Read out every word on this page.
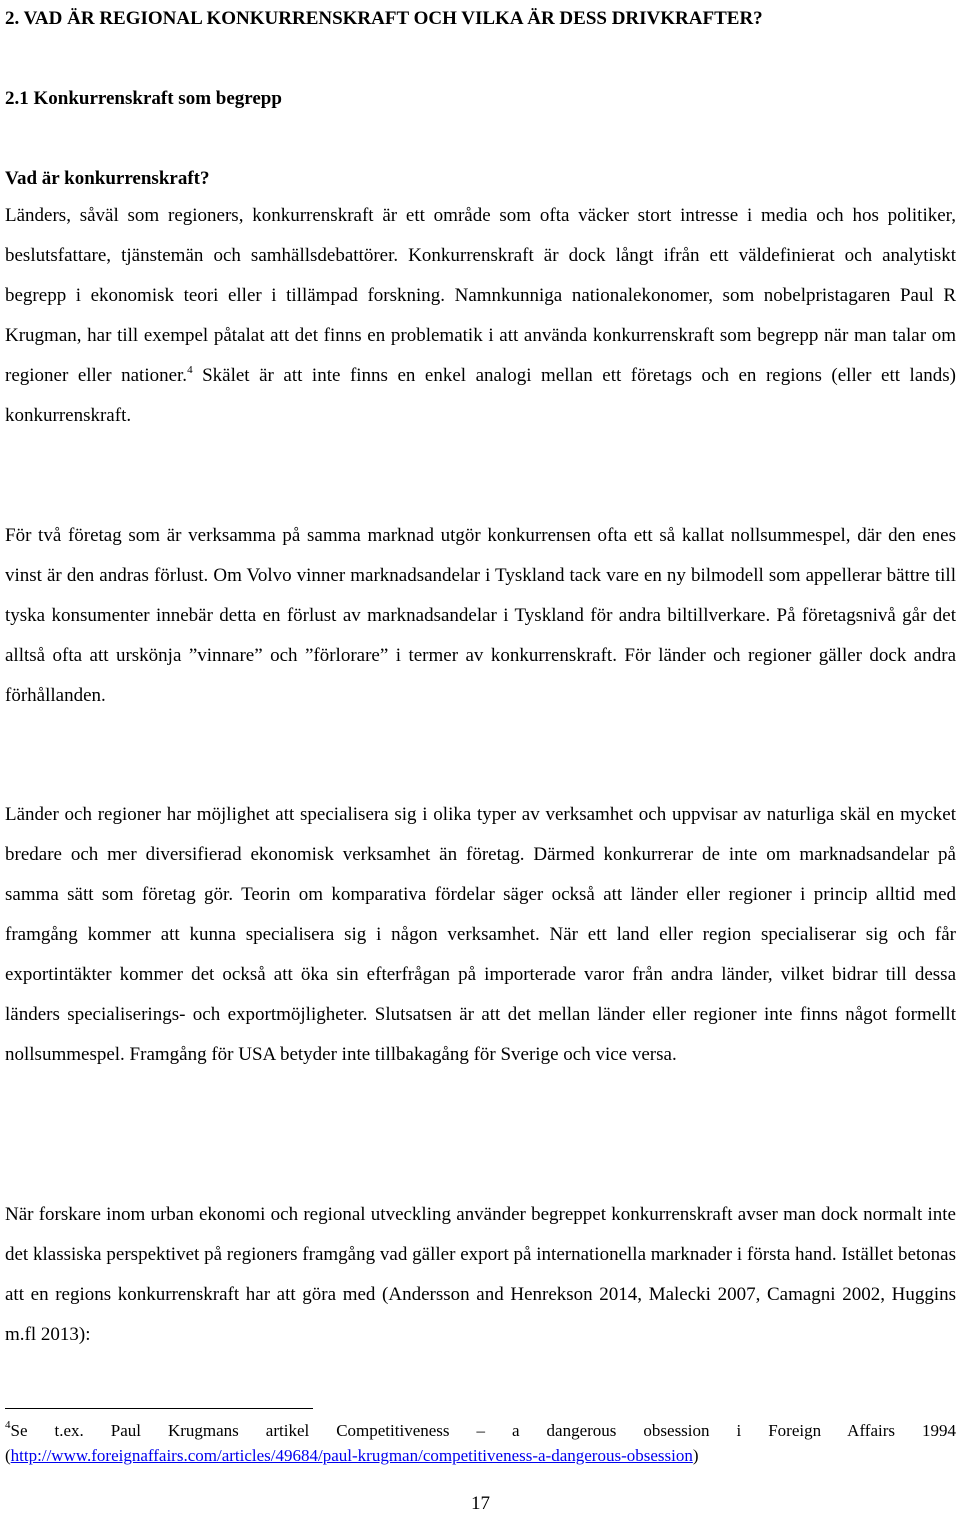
2. VAD ÄR REGIONAL KONKURRENSKRAFT OCH VILKA ÄR DESS DRIVKRAFTER?
2.1 Konkurrenskraft som begrepp
Vad är konkurrenskraft?

Länders, såväl som regioners, konkurrenskraft är ett område som ofta väcker stort intresse i media och hos politiker, beslutsfattare, tjänstemän och samhällsdebattörer. Konkurrenskraft är dock långt ifrån ett väldefinierat och analytiskt begrepp i ekonomisk teori eller i tillämpad forskning. Namnkunniga nationalekonomer, som nobelpristagaren Paul R Krugman, har till exempel påtalat att det finns en problematik i att använda konkurrenskraft som begrepp när man talar om regioner eller nationer.$^4$ Skälet är att inte finns en enkel analogi mellan ett företags och en regions (eller ett lands) konkurrenskraft.

För två företag som är verksamma på samma marknad utgör konkurrensen ofta ett så kallat nollsummespel, där den enes vinst är den andras förlust. Om Volvo vinner marknadsandelar i Tyskland tack vare en ny bilmodell som appellerar bättre till tyska konsumenter innebär detta en förlust av marknadsandelar i Tyskland för andra biltillverkare. På företagsnivå går det alltså ofta att urskönja ”vinnare” och ”förlorare” i termer av konkurrenskraft. För länder och regioner gäller dock andra förhållanden.

Länder och regioner har möjlighet att specialisera sig i olika typer av verksamhet och uppvisar av naturliga skäl en mycket bredare och mer diversifierad ekonomisk verksamhet än företag. Därmed konkurrerar de inte om marknadsandelar på samma sätt som företag gör. Teorin om komparativa fördelar säger också att länder eller regioner i princip alltid med framgång kommer att kunna specialisera sig i någon verksamhet. När ett land eller region specialiserar sig och får exportintäkter kommer det också att öka sin efterfrågan på importerade varor från andra länder, vilket bidrar till dessa länders specialiserings- och exportmöjligheter. Slutsatsen är att det mellan länder eller regioner inte finns något formellt nollsummespel. Framgång för USA betyder inte tillbakagång för Sverige och vice versa.

När forskare inom urban ekonomi och regional utveckling använder begreppet konkurrenskraft avser man dock normalt inte det klassiska perspektivet på regioners framgång vad gäller export på internationella marknader i första hand. Istället betonas att en regions konkurrenskraft har att göra med (Andersson and Henrekson 2014, Malecki 2007, Camagni 2002, Huggins m.fl 2013):

$^4$Se t.ex. Paul Krugmans artikel Competitiveness – a dangerous obsession i Foreign Affairs 1994 (http://www.foreignaffairs.com/articles/49684/paul-krugman/competitiveness-a-dangerous-obsession)

17
